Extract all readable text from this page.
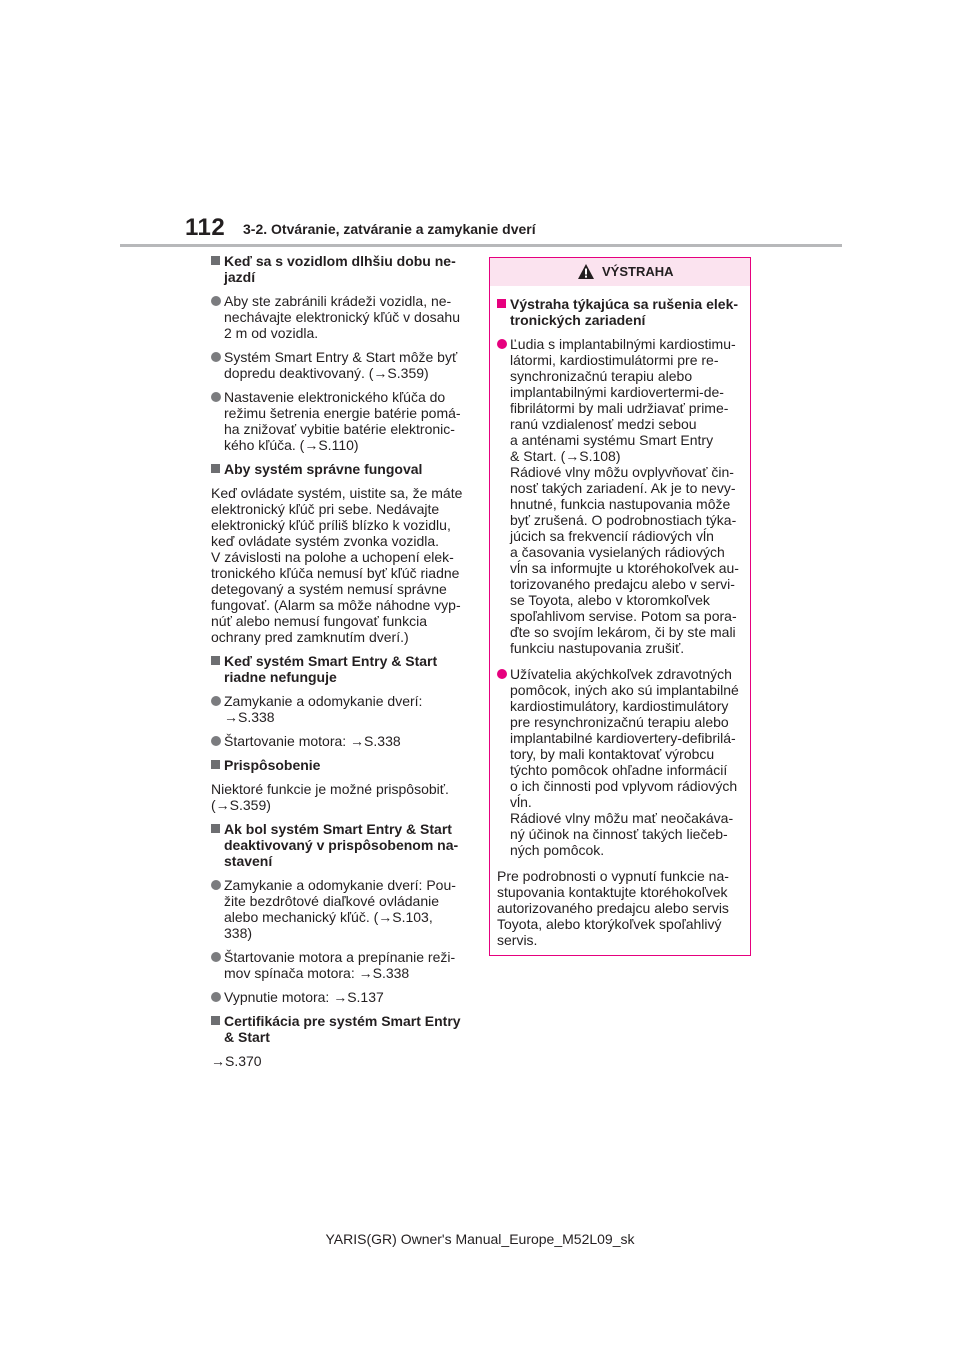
112 3-2. Otváranie, zatváranie a zamykanie dverí
Keď sa s vozidlom dlhšiu dobu ne-
jazdí
Aby ste zabránili krádeži vozidla, ne-
nechávajte elektronický kľúč v dosahu
2 m od vozidla.
Systém Smart Entry & Start môže byť
dopredu deaktivovaný. (→S.359)
Nastavenie elektronického kľúča do
režimu šetrenia energie batérie pomá-
ha znižovať vybitie batérie elektronic-
kého kľúča. (→S.110)
Aby systém správne fungoval
Keď ovládate systém, uistite sa, že máte
elektronický kľúč pri sebe. Nedávajte
elektronický kľúč príliš blízko k vozidlu,
keď ovládate systém zvonka vozidla.
V závislosti na polohe a uchopení elek-
tronického kľúča nemusí byť kľúč riadne
detegovaný a systém nemusí správne
fungovať. (Alarm sa môže náhodne vyp-
núť alebo nemusí fungovať funkcia
ochrany pred zamknutím dverí.)
Keď systém Smart Entry & Start
riadne nefunguje
Zamykanie a odomykanie dverí:
→S.338
Štartovanie motora: →S.338
Prispôsobenie
Niektoré funkcie je možné prispôsobiť.
(→S.359)
Ak bol systém Smart Entry & Start
deaktivovaný v prispôsobenom na-
stavení
Zamykanie a odomykanie dverí: Pou-
žite bezdrôtové diaľkové ovládanie
alebo mechanický kľúč. (→S.103,
338)
Štartovanie motora a prepínanie reži-
mov spínača motora: →S.338
Vypnutie motora: →S.137
Certifikácia pre systém Smart Entry
& Start
→S.370
VÝSTRAHA
Výstraha týkajúca sa rušenia elek-
tronických zariadení
Ľudia s implantabilnými kardiostimu-
látormi, kardiostimulátormi pre re-
synchronizačnú terapiu alebo
implantabilnými kardiovertermi-de-
fibrilátormi by mali udržiavať prime-
ranú vzdialenosť medzi sebou
a anténami systému Smart Entry
& Start. (→S.108)
Rádiové vlny môžu ovplyvňovať čin-
nosť takých zariadení. Ak je to nevy-
hnutné, funkcia nastupovania môže
byť zrušená. O podrobnostiach týka-
júcich sa frekvencií rádiových vĺn
a časovania vysielaných rádiových
vĺn sa informujte u ktoréhokoľvek au-
torizovaného predajcu alebo v servi-
se Toyota, alebo v ktoromkoľvek
spoľahlivom servise. Potom sa pora-
ďte so svojím lekárom, či by ste mali
funkciu nastupovania zrušiť.
Užívatelia akýchkoľvek zdravotných
pomôcok, iných ako sú implantabilné
kardiostimulátory, kardiostimulátory
pre resynchronizačnú terapiu alebo
implantabilné kardiovertery-defibrilá-
tory, by mali kontaktovať výrobcu
týchto pomôcok ohľadne informácií
o ich činnosti pod vplyvom rádiových
vĺn.
Rádiové vlny môžu mať neočakáva-
ný účinok na činnosť takých liečeb-
ných pomôcok.
Pre podrobnosti o vypnutí funkcie na-
stupovania kontaktujte ktoréhokoľvek
autorizovaného predajcu alebo servis
Toyota, alebo ktorýkoľvek spoľahlivý
servis.
YARIS(GR) Owner's Manual_Europe_M52L09_sk
